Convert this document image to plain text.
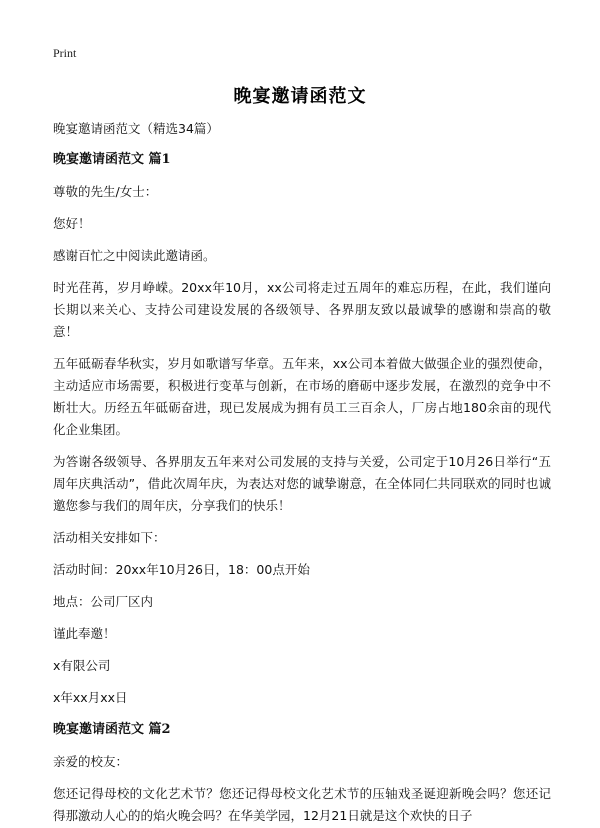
Print
晚宴邀请函范文

晚宴邀请函范文（精选34篇）

晚宴邀请函范文 篇1

尊敬的先生/女士：

您好！

感谢百忙之中阅读此邀请函。

时光荏苒，岁月峥嵘。20xx年10月，xx公司将走过五周年的难忘历程，在此，我们谨向长期以来关心、支持公司建设发展的各级领导、各界朋友致以最诚挚的感谢和崇高的敬意！

五年砥砺春华秋实，岁月如歌谱写华章。五年来，xx公司本着做大做强企业的强烈使命，主动适应市场需要，积极进行变革与创新，在市场的磨砺中逐步发展，在激烈的竞争中不断壮大。历经五年砥砺奋进，现已发展成为拥有员工三百余人，厂房占地180余亩的现代化企业集团。

为答谢各级领导、各界朋友五年来对公司发展的支持与关爱，公司定于10月26日举行“五周年庆典活动”，借此次周年庆，为表达对您的诚挚谢意，在全体同仁共同联欢的同时也诚邀您参与我们的周年庆，分享我们的快乐！

活动相关安排如下：

活动时间：20xx年10月26日，18：00点开始

地点：公司厂区内

谨此奉邀！

x有限公司

x年xx月xx日

晚宴邀请函范文 篇2

亲爱的校友：

您还记得母校的文化艺术节？您还记得母校文化艺术节的压轴戏圣诞迎新晚会吗？您还记得那激动人心的的焰火晚会吗？在华美学园，12月21日就是这个欢快的日子
